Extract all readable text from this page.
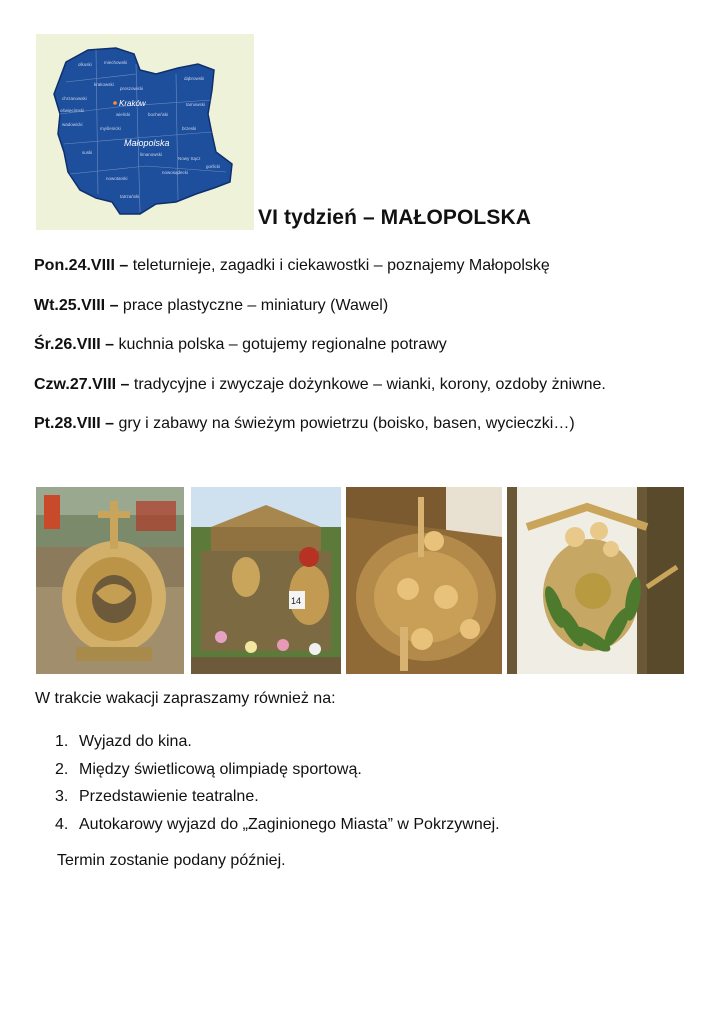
olkuski	miechowski
krakowski
proszowicki
chrzanowski
dąbrowski
oświęcimski
tarnowski
wadowicki
myślenicki
bocheński
brzeski
suski	limanowski
gorlicki
nowosądecki
tatrzański
nowotarski
Nowy Sącz
wielicki
Kraków
Małopolska
VI tydzień – MAŁOPOLSKA
Pon.24.VIII – teleturnieje, zagadki i ciekawostki – poznajemy Małopolskę
Wt.25.VIII – prace plastyczne – miniatury (Wawel)
Śr.26.VIII – kuchnia polska – gotujemy regionalne potrawy
Czw.27.VIII – tradycyjne i zwyczaje dożynkowe – wianki, korony, ozdoby żniwne.
Pt.28.VIII – gry i zabawy na świeżym powietrzu (boisko, basen, wycieczki…)
14
W trakcie wakacji zapraszamy również na:
1. Wyjazd do kina.
2. Między świetlicową olimpiadę sportową.
3. Przedstawienie teatralne.
4. Autokarowy wyjazd do „Zaginionego Miasta” w Pokrzywnej.
Termin zostanie podany później.
